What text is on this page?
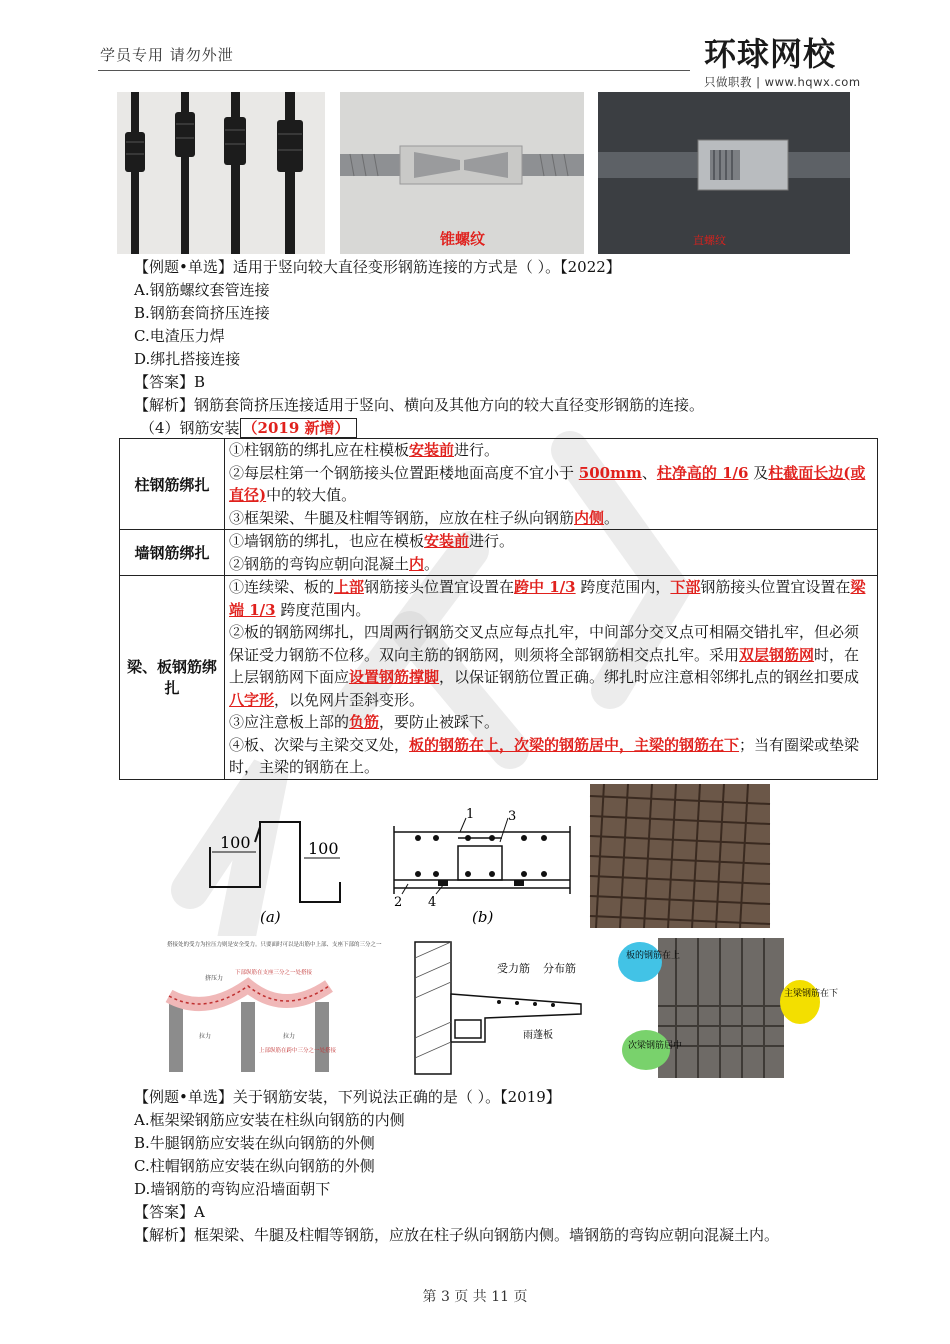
学员专用 请勿外泄	环球网校
只做职教 | www.hqwx.com
锥螺纹	直螺纹
【例题•单选】适用于竖向较大直径变形钢筋连接的方式是（ ）。【2022】
A.钢筋螺纹套管连接
B.钢筋套筒挤压连接
C.电渣压力焊
D.绑扎搭接连接
【答案】B
【解析】钢筋套筒挤压连接适用于竖向、横向及其他方向的较大直径变形钢筋的连接。
（4）钢筋安装 （2019 新增）
柱钢筋绑扎	①柱钢筋的绑扎应在柱模板安装前进行。
②每层柱第一个钢筋接头位置距楼地面高度不宜小于 500mm、柱净高的 1/6 及柱截面长边(或直径)中的较大值。
③框架梁、牛腿及柱帽等钢筋，应放在柱子纵向钢筋内侧。

墙钢筋绑扎	①墙钢筋的绑扎，也应在模板安装前进行。
②钢筋的弯钩应朝向混凝土内。

梁、板钢筋绑扎	①连续梁、板的上部钢筋接头位置宜设置在跨中 1/3 跨度范围内，下部钢筋接头位置宜设置在梁端 1/3 跨度范围内。
②板的钢筋网绑扎，四周两行钢筋交叉点应每点扎牢，中间部分交叉点可相隔交错扎牢，但必须保证受力钢筋不位移。双向主筋的钢筋网，则须将全部钢筋相交点扎牢。采用双层钢筋网时，在上层钢筋网下面应设置钢筋撑脚，以保证钢筋位置正确。绑扎时应注意相邻绑扎点的钢丝扣要成八字形，以免网片歪斜变形。
③应注意板上部的负筋，要防止被踩下。
④板、次梁与主梁交叉处，板的钢筋在上，次梁的钢筋居中，主梁的钢筋在下；当有圈梁或垫梁时，主梁的钢筋在上。
100	100
(a)
1	3
2 4
(b)
搭接处的受力为拉压力则是安全受力。只要面时可以是出筋中上部、支座下部的三分之一
挤压力
下部纵筋在支座三分之一处搭接
拉力	拉力
上部纵筋在跨中三分之一处搭接
受力筋 分布筋
雨蓬板
板的钢筋在上
主梁钢筋在下
次梁钢筋居中
【例题•单选】关于钢筋安装，下列说法正确的是（ ）。【2019】
A.框架梁钢筋应安装在柱纵向钢筋的内侧
B.牛腿钢筋应安装在纵向钢筋的外侧
C.柱帽钢筋应安装在纵向钢筋的外侧
D.墙钢筋的弯钩应沿墙面朝下
【答案】A
【解析】框架梁、牛腿及柱帽等钢筋，应放在柱子纵向钢筋内侧。墙钢筋的弯钩应朝向混凝土内。
第 3 页 共 11 页
